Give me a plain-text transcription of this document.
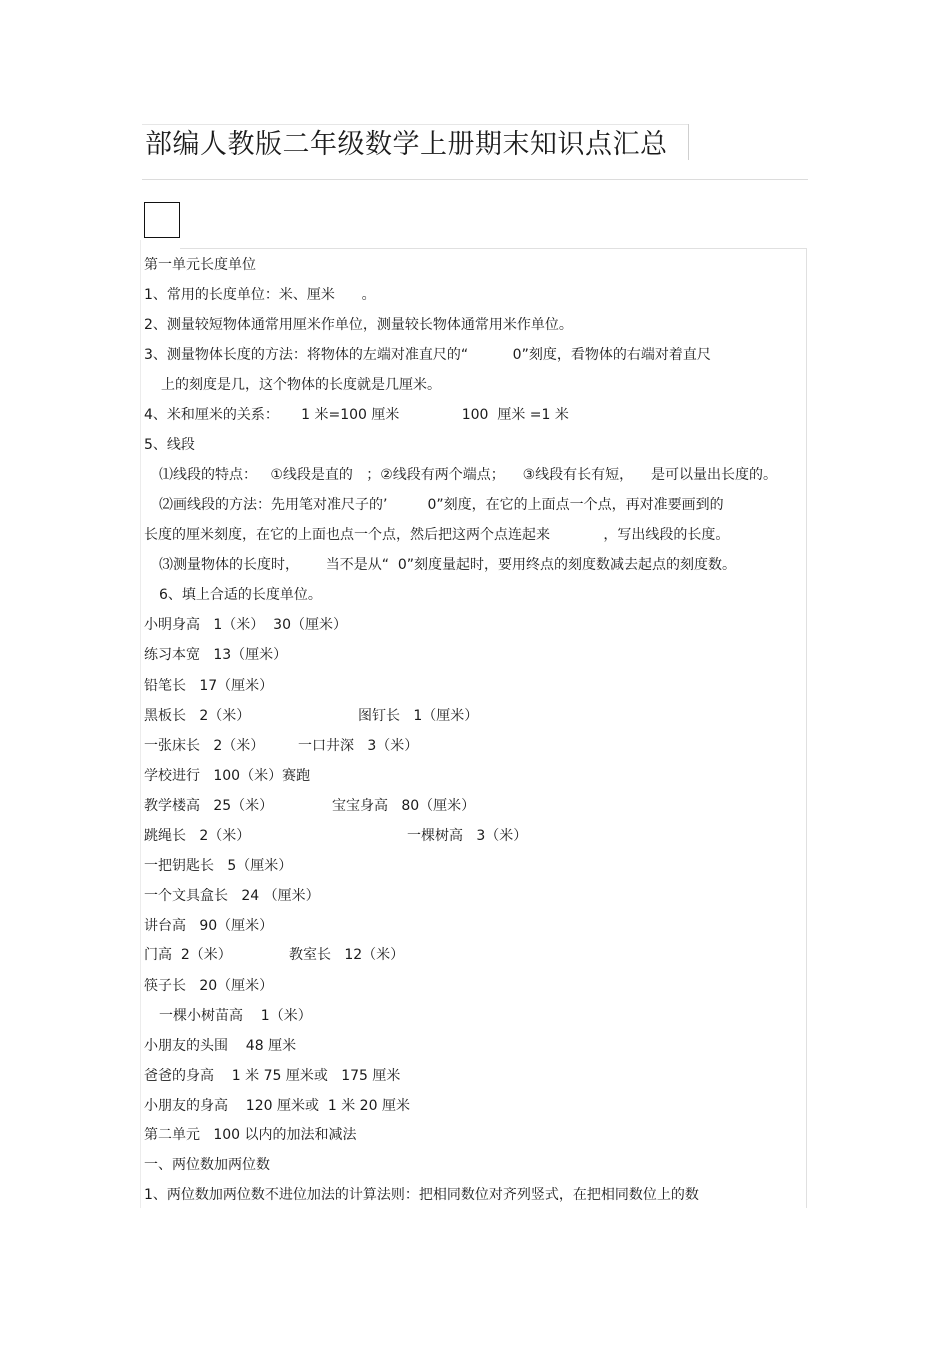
部编人教版二年级数学上册期末知识点汇总
第一单元长度单位
1、常用的长度单位：米、厘米      。
2、测量较短物体通常用厘米作单位，测量较长物体通常用米作单位。
3、测量物体长度的方法：将物体的左端对准直尺的“          0”刻度，看物体的右端对着直尺
上的刻度是几，这个物体的长度就是几厘米。
4、米和厘米的关系：     1 米=100 厘米              100  厘米 =1 米
5、线段
⑴线段的特点：   ①线段是直的   ；②线段有两个端点；    ③线段有长有短，    是可以量出长度的。
⑵画线段的方法：先用笔对准尺子的’         0”刻度，在它的上面点一个点，再对准要画到的
长度的厘米刻度，在它的上面也点一个点，然后把这两个点连起来            ，写出线段的长度。
⑶测量物体的长度时，      当不是从“  0”刻度量起时，要用终点的刻度数减去起点的刻度数。
6、填上合适的长度单位。
小明身高   1（米）  30（厘米）
练习本宽   13（厘米）
铅笔长   17（厘米）
黑板长   2（米）	图钉长   1（厘米）
一张床长   2（米） 一口井深   3（米）
学校进行   100（米）赛跑
教学楼高   25（米）	宝宝身高   80（厘米）
跳绳长   2（米）	一棵树高   3（米）
一把钥匙长   5（厘米）
一个文具盒长   24 （厘米）
讲台高   90（厘米）
门高  2（米）	教室长   12（米）
筷子长   20（厘米）
一棵小树苗高    1（米）
小朋友的头围    48 厘米
爸爸的身高    1 米 75 厘米或   175 厘米
小朋友的身高    120 厘米或  1 米 20 厘米
第二单元   100 以内的加法和减法
一、两位数加两位数
1、两位数加两位数不进位加法的计算法则：把相同数位对齐列竖式，在把相同数位上的数
